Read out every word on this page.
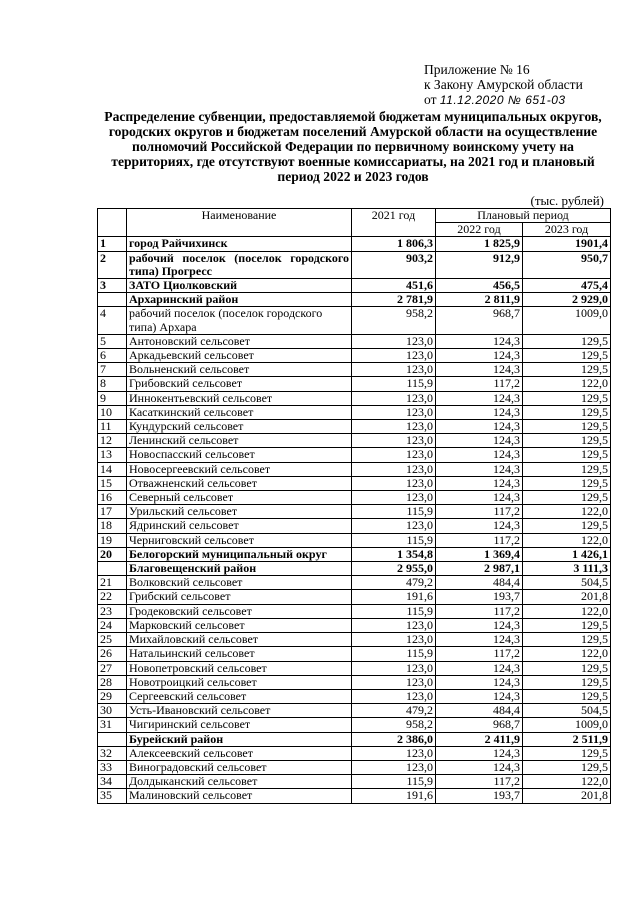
Приложение № 16
к Закону Амурской области
от 11.12.2020 № 651-03
Распределение субвенции, предоставляемой бюджетам муниципальных округов, городских округов и бюджетам поселений Амурской области на осуществление полномочий Российской Федерации по первичному воинскому учету на территориях, где отсутствуют военные комиссариаты, на 2021 год и плановый период 2022 и 2023 годов
(тыс. рублей)
	Наименование	2021 год	Плановый период	
			2022 год	2023 год
1	город Райчихинск	1 806,3	1 825,9	1901,4
2	рабочий поселок (поселок городского типа) Прогресс	903,2	912,9	950,7
3	ЗАТО Циолковский	451,6	456,5	475,4
	Архаринский район	2 781,9	2 811,9	2 929,0
4	рабочий поселок (поселок городского типа) Архара	958,2	968,7	1009,0
5	Антоновский сельсовет	123,0	124,3	129,5
6	Аркадьевский сельсовет	123,0	124,3	129,5
7	Вольненский сельсовет	123,0	124,3	129,5
8	Грибовский сельсовет	115,9	117,2	122,0
9	Иннокентьевский сельсовет	123,0	124,3	129,5
10	Касаткинский сельсовет	123,0	124,3	129,5
11	Кундурский сельсовет	123,0	124,3	129,5
12	Ленинский сельсовет	123,0	124,3	129,5
13	Новоспасский сельсовет	123,0	124,3	129,5
14	Новосергеевский сельсовет	123,0	124,3	129,5
15	Отважненский сельсовет	123,0	124,3	129,5
16	Северный сельсовет	123,0	124,3	129,5
17	Урильский сельсовет	115,9	117,2	122,0
18	Ядринский сельсовет	123,0	124,3	129,5
19	Черниговский сельсовет	115,9	117,2	122,0
20	Белогорский муниципальный округ	1 354,8	1 369,4	1 426,1
	Благовещенский район	2 955,0	2 987,1	3 111,3
21	Волковский сельсовет	479,2	484,4	504,5
22	Грибский сельсовет	191,6	193,7	201,8
23	Гродековский сельсовет	115,9	117,2	122,0
24	Марковский сельсовет	123,0	124,3	129,5
25	Михайловский сельсовет	123,0	124,3	129,5
26	Натальинский сельсовет	115,9	117,2	122,0
27	Новопетровский сельсовет	123,0	124,3	129,5
28	Новотроицкий сельсовет	123,0	124,3	129,5
29	Сергеевский сельсовет	123,0	124,3	129,5
30	Усть-Ивановский сельсовет	479,2	484,4	504,5
31	Чигиринский сельсовет	958,2	968,7	1009,0
	Бурейский район	2 386,0	2 411,9	2 511,9
32	Алексеевский сельсовет	123,0	124,3	129,5
33	Виноградовский сельсовет	123,0	124,3	129,5
34	Долдыканский сельсовет	115,9	117,2	122,0
35	Малиновский сельсовет	191,6	193,7	201,8
